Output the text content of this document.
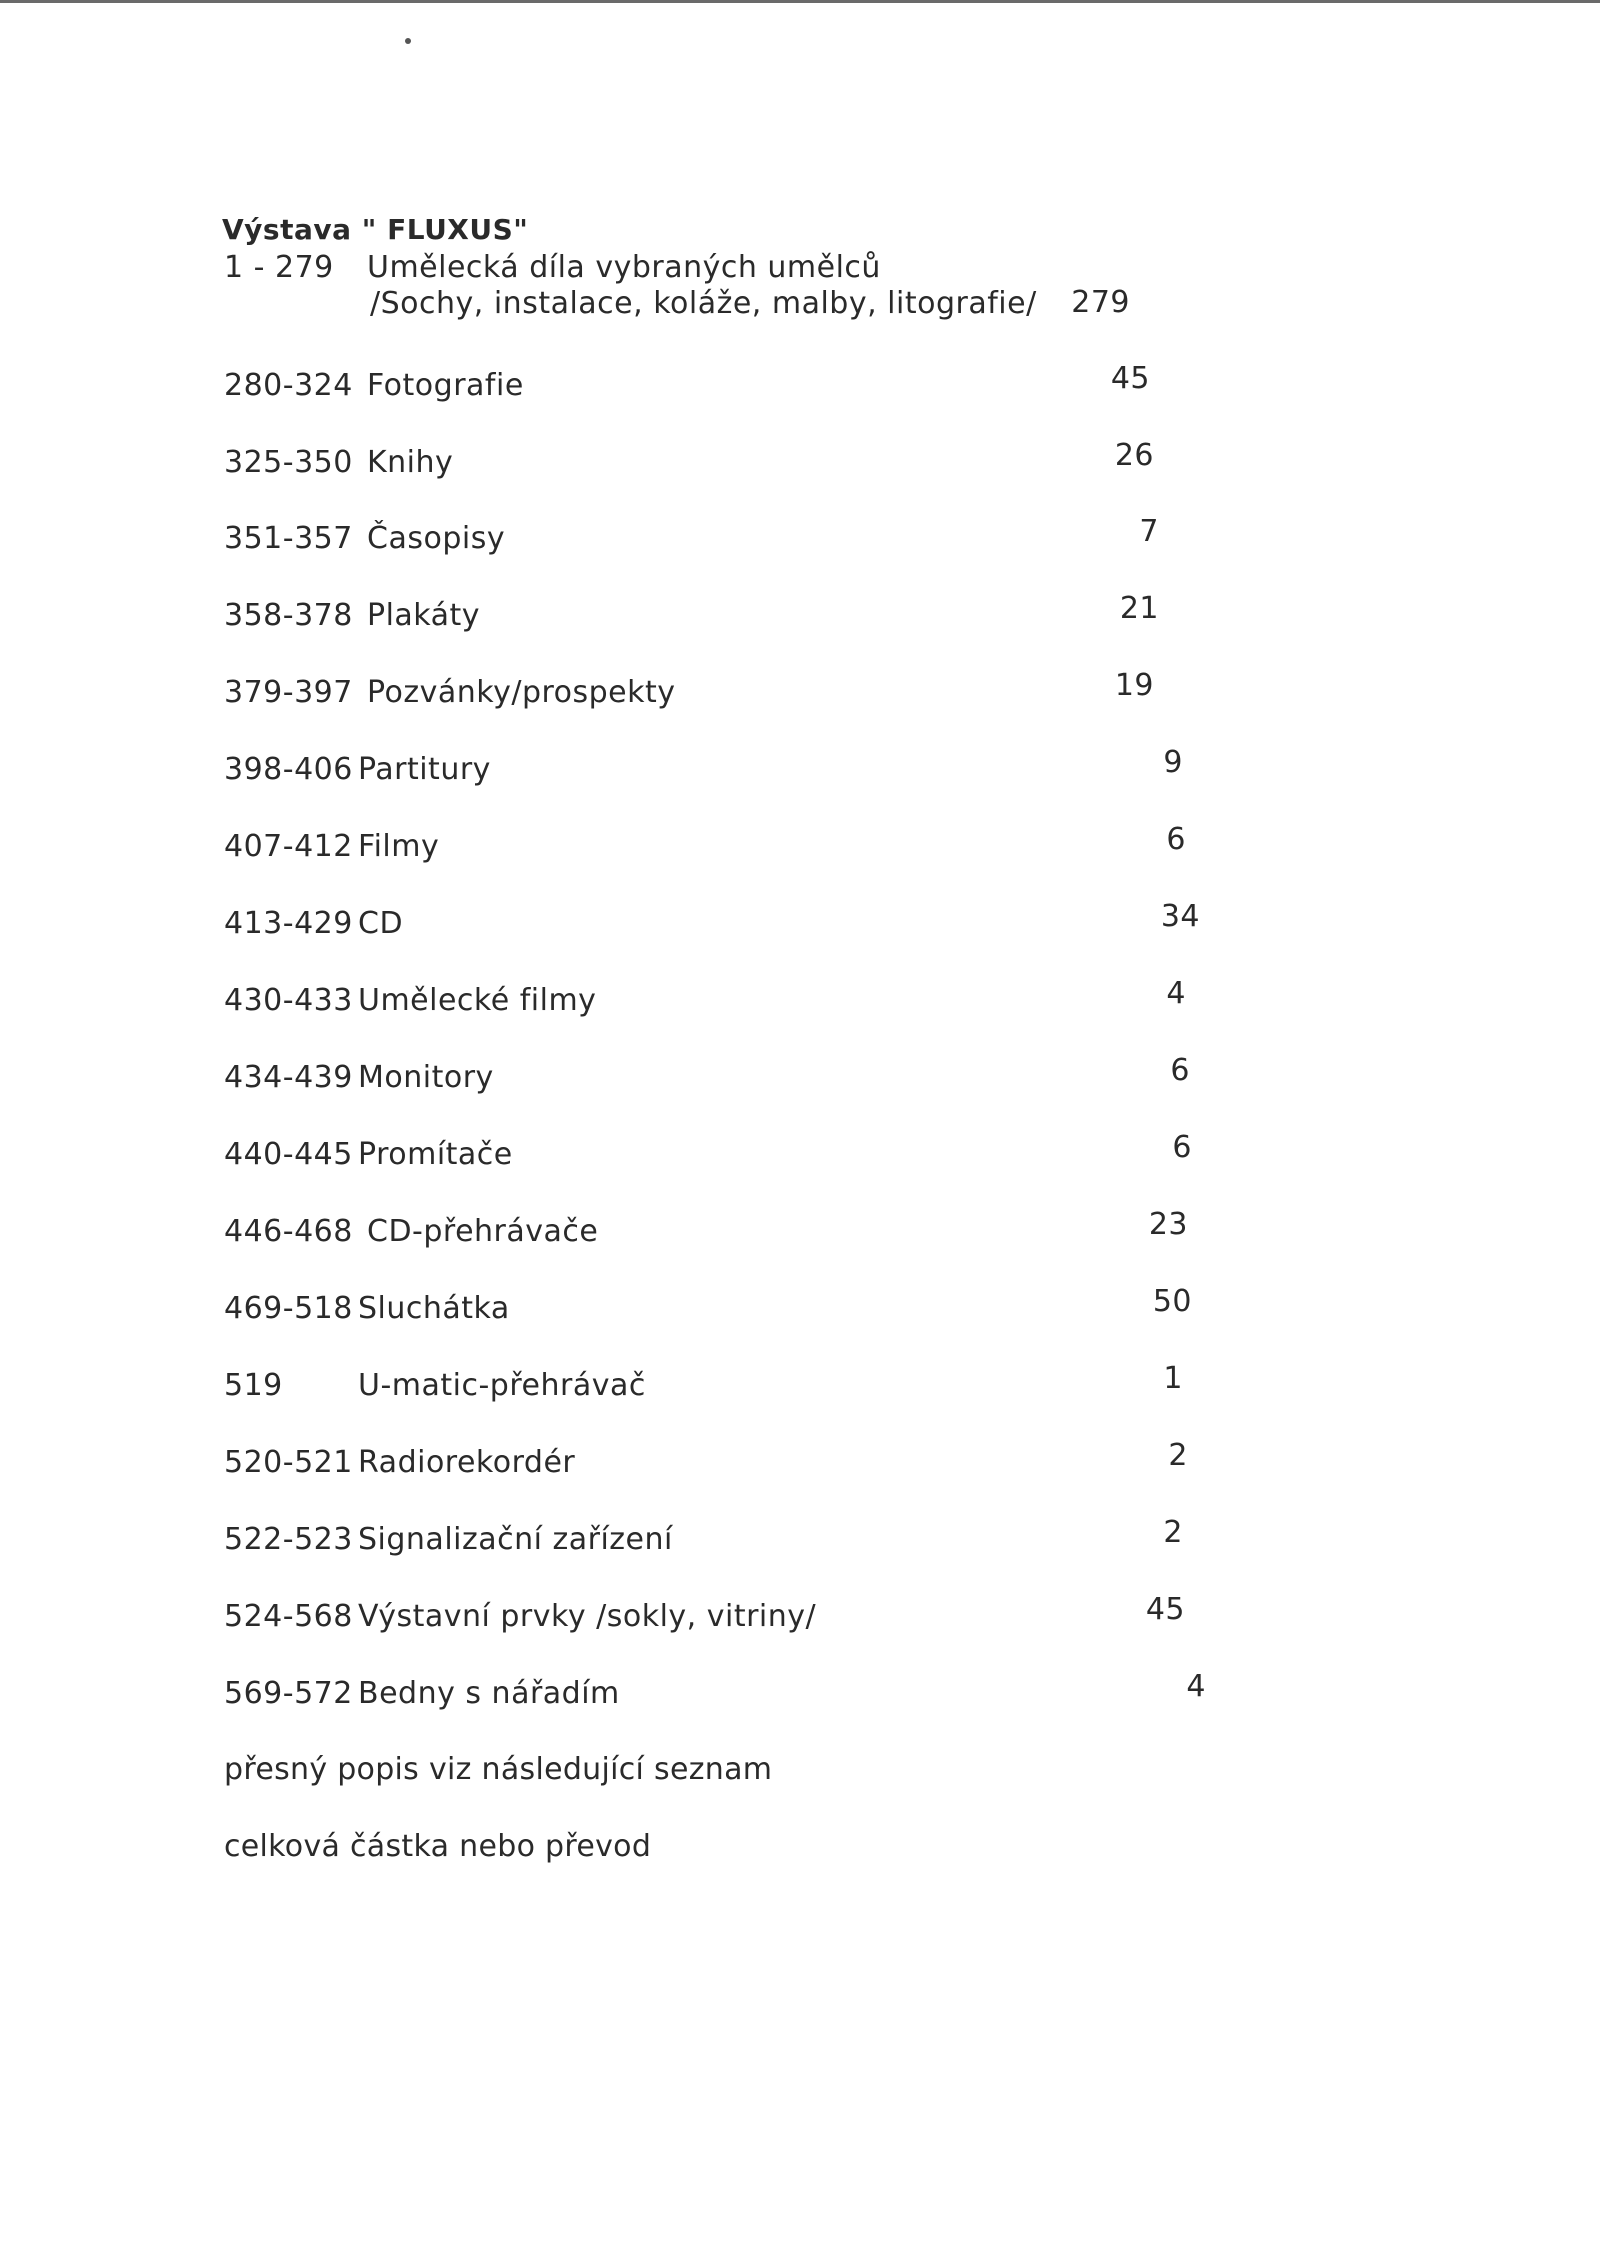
Výstava " FLUXUS"
1 - 279 Umělecká díla vybraných umělců
/Sochy, instalace, koláže, malby, litografie/	279
280-324 Fotografie	45
325-350 Knihy	26
351-357 Časopisy	7
358-378 Plakáty	21
379-397 Pozvánky/prospekty	19
398-406 Partitury	9
407-412 Filmy	6
413-429 CD	34
430-433 Umělecké filmy	4
434-439 Monitory	6
440-445 Promítače	6
446-468 CD-přehrávače	23
469-518 Sluchátka	50
519	U-matic-přehrávač	1
520-521 Radiorekordér	2
522-523 Signalizační zařízení	2
524-568 Výstavní prvky /sokly, vitriny/	45
569-572 Bedny s nářadím	4
přesný popis viz následující seznam
celková částka nebo převod
